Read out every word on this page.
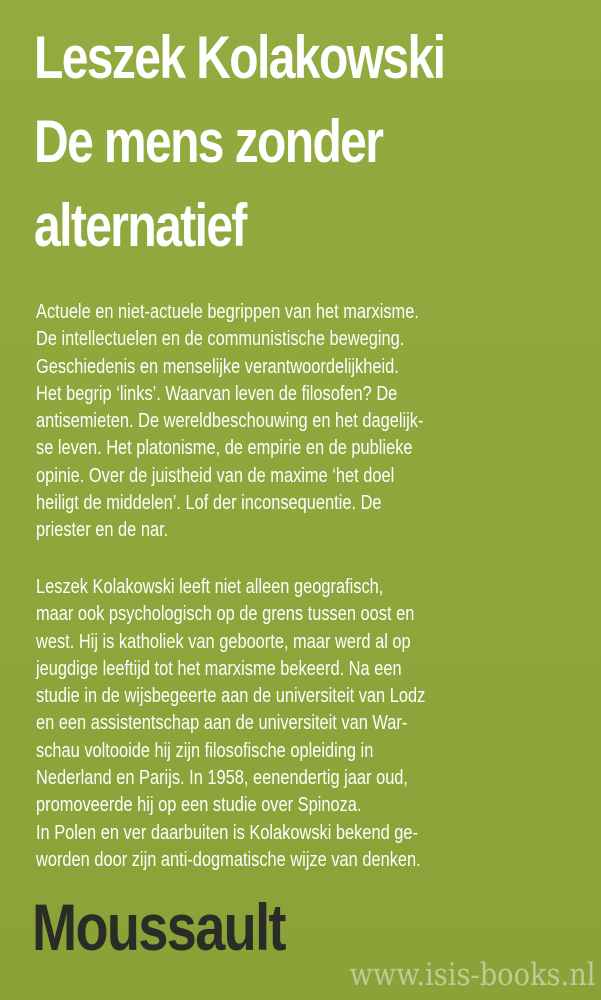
Leszek Kolakowski
De mens zonder
alternatief

Actuele en niet-actuele begrippen van het marxisme.
De intellectuelen en de communistische beweging.
Geschiedenis en menselijke verantwoordelijkheid.
Het begrip ‘links’. Waarvan leven de filosofen? De
antisemieten. De wereldbeschouwing en het dagelijk-
se leven. Het platonisme, de empirie en de publieke
opinie. Over de juistheid van de maxime ‘het doel
heiligt de middelen’. Lof der inconsequentie. De
priester en de nar.

Leszek Kolakowski leeft niet alleen geografisch,
maar ook psychologisch op de grens tussen oost en
west. Hij is katholiek van geboorte, maar werd al op
jeugdige leeftijd tot het marxisme bekeerd. Na een
studie in de wijsbegeerte aan de universiteit van Lodz
en een assistentschap aan de universiteit van War-
schau voltooide hij zijn filosofische opleiding in
Nederland en Parijs. In 1958, eenendertig jaar oud,
promoveerde hij op een studie over Spinoza.
In Polen en ver daarbuiten is Kolakowski bekend ge-
worden door zijn anti-dogmatische wijze van denken.

Moussault
www.isis-books.nl
